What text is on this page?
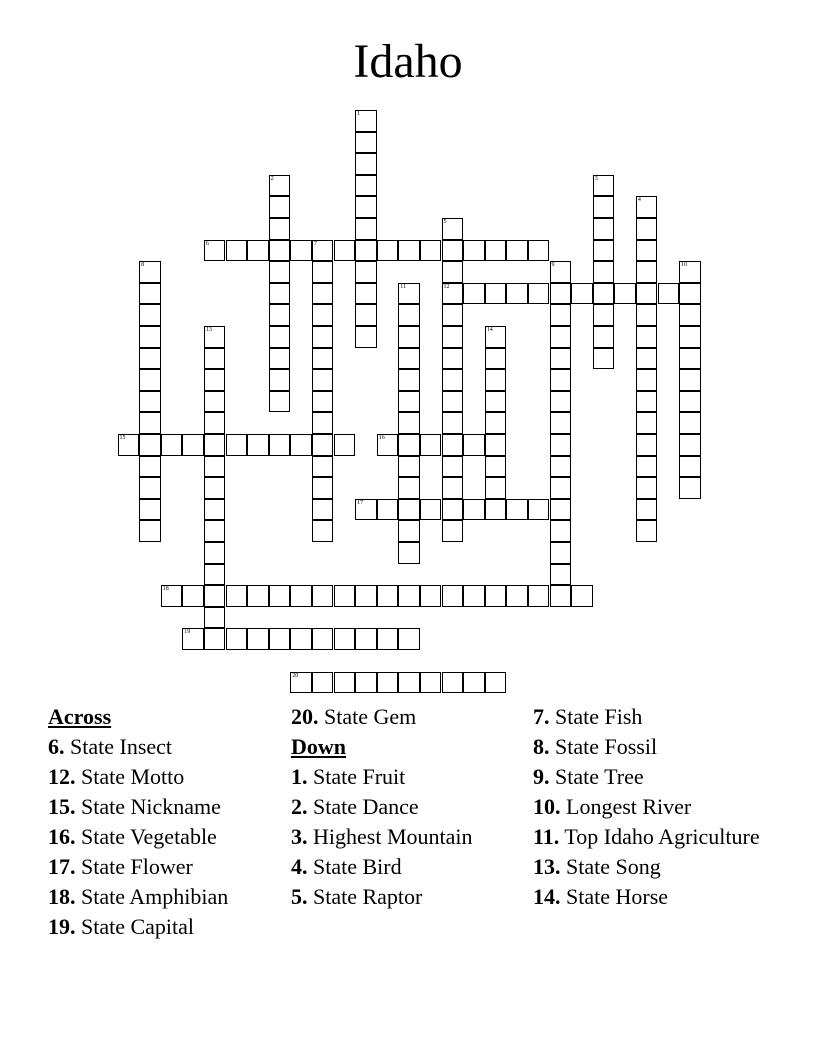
Idaho
6	7
12
15	16
17
18
19
20
1
2	3
4
5
8	9	10
11
13	14
Across
6. State Insect
12. State Motto
15. State Nickname
16. State Vegetable
17. State Flower
18. State Amphibian
19. State Capital
20. State Gem
Down
1. State Fruit
2. State Dance
3. Highest Mountain
4. State Bird
5. State Raptor
7. State Fish
8. State Fossil
9. State Tree
10. Longest River
11. Top Idaho Agriculture
13. State Song
14. State Horse
